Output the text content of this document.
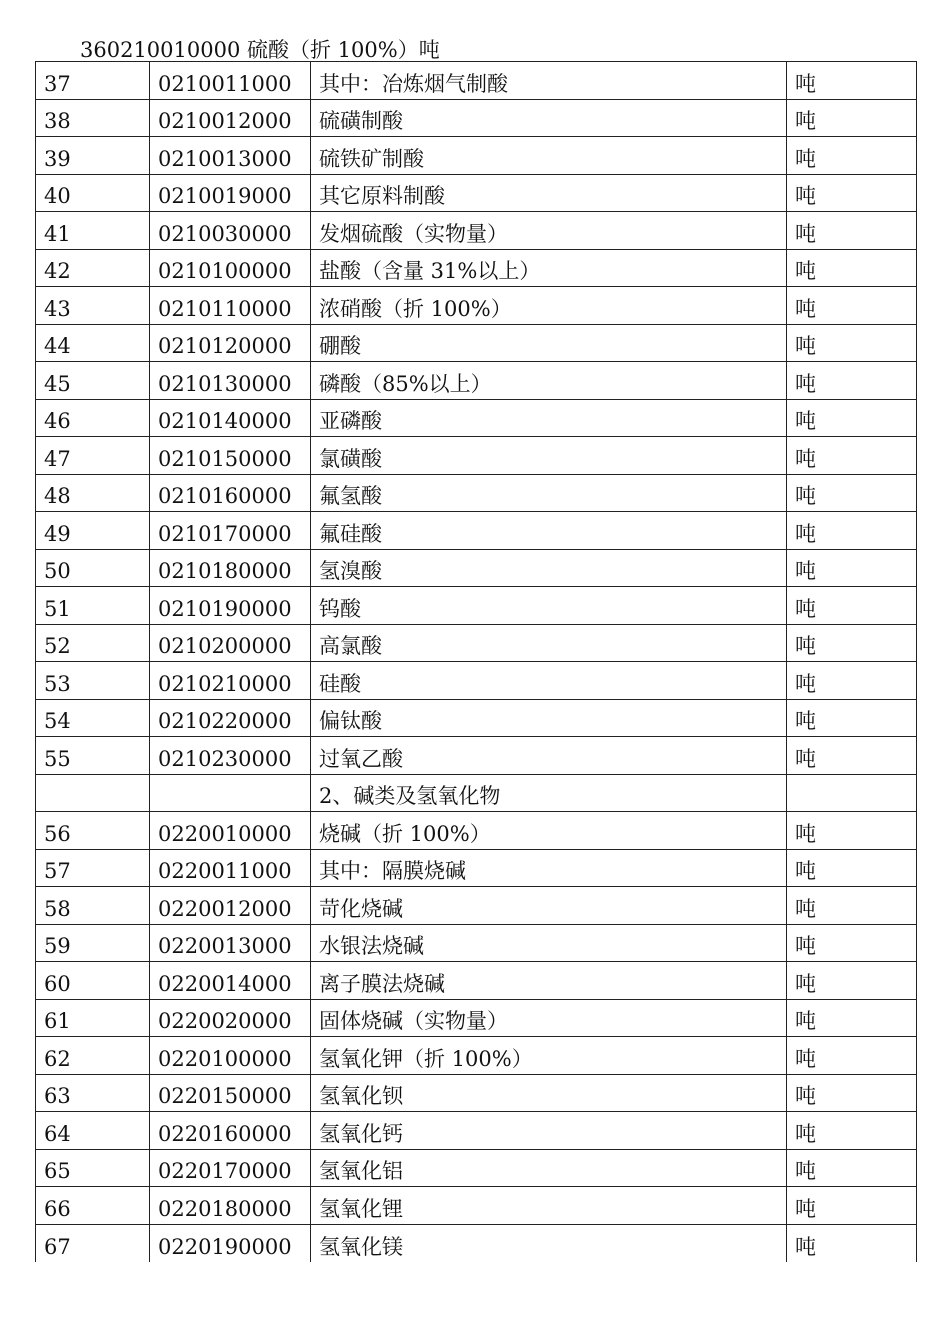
360210010000 硫酸（折 100%）吨
37	0210011000	其中：冶炼烟气制酸	吨
38	0210012000	硫磺制酸	吨
39	0210013000	硫铁矿制酸	吨
40	0210019000	其它原料制酸	吨
41	0210030000	发烟硫酸（实物量）	吨
42	0210100000	盐酸（含量 31%以上）	吨
43	0210110000	浓硝酸（折 100%）	吨
44	0210120000	硼酸	吨
45	0210130000	磷酸（85%以上）	吨
46	0210140000	亚磷酸	吨
47	0210150000	氯磺酸	吨
48	0210160000	氟氢酸	吨
49	0210170000	氟硅酸	吨
50	0210180000	氢溴酸	吨
51	0210190000	钨酸	吨
52	0210200000	高氯酸	吨
53	0210210000	硅酸	吨
54	0210220000	偏钛酸	吨
55	0210230000	过氧乙酸	吨
		2、碱类及氢氧化物	
56	0220010000	烧碱（折 100%）	吨
57	0220011000	其中：隔膜烧碱	吨
58	0220012000	苛化烧碱	吨
59	0220013000	水银法烧碱	吨
60	0220014000	离子膜法烧碱	吨
61	0220020000	固体烧碱（实物量）	吨
62	0220100000	氢氧化钾（折 100%）	吨
63	0220150000	氢氧化钡	吨
64	0220160000	氢氧化钙	吨
65	0220170000	氢氧化铝	吨
66	0220180000	氢氧化锂	吨
67	0220190000	氢氧化镁	吨
